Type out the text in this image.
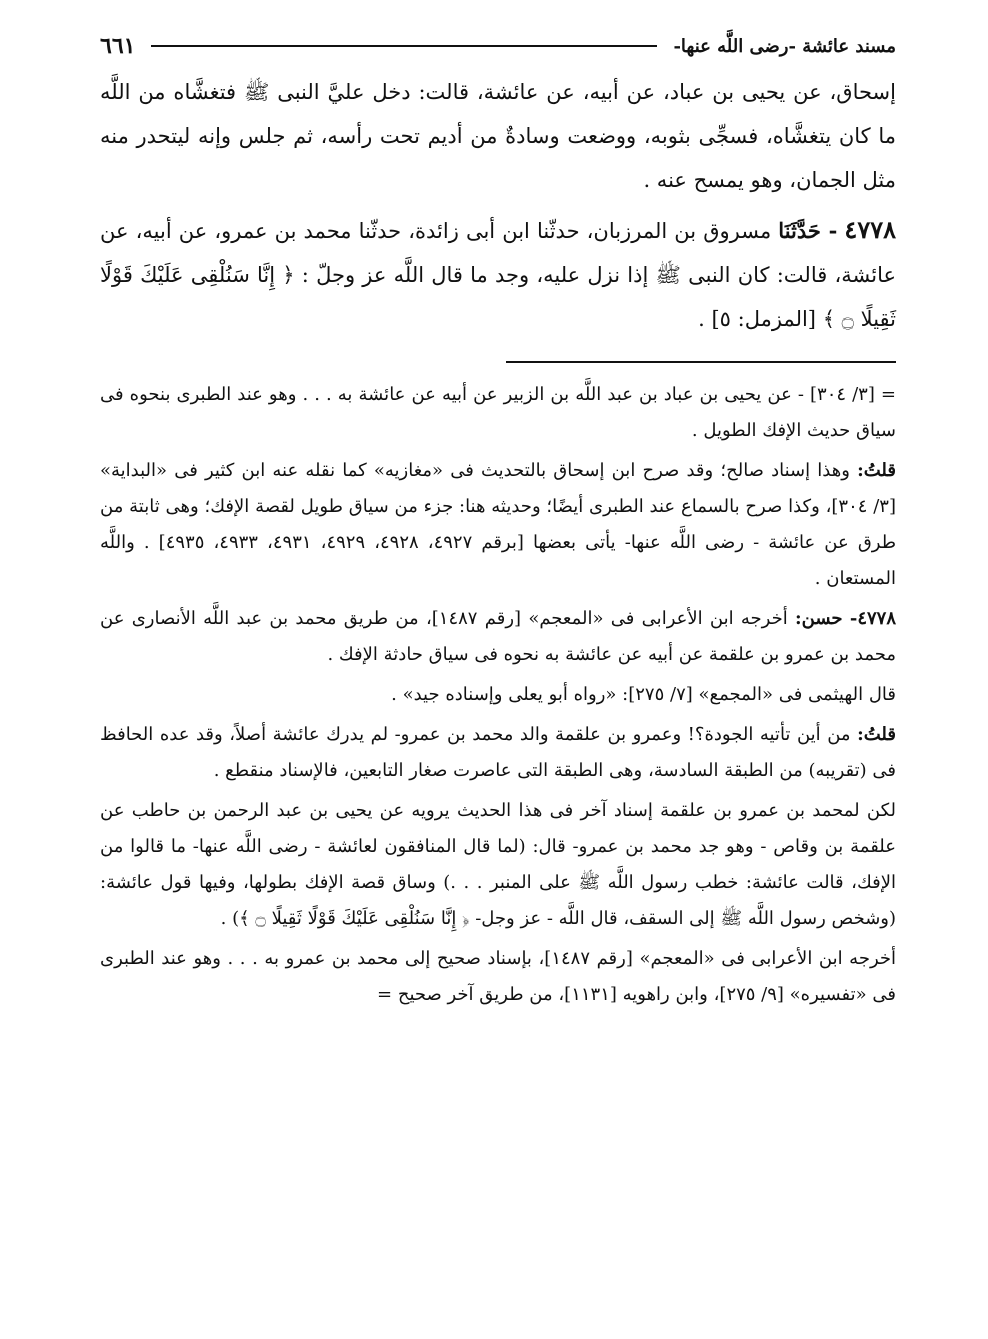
مسند عائشة -رضى اللَّه عنها-
٦٦١

إسحاق، عن يحيى بن عباد، عن أبيه، عن عائشة، قالت: دخل عليَّ النبى ﷺ فتغشَّاه من اللَّه ما كان يتغشَّاه، فسجِّى بثوبه، ووضعت وسادةٌ من أديم تحت رأسه، ثم جلس وإنه ليتحدر منه مثل الجمان، وهو يمسح عنه .

٤٧٧٨ - حَدَّثَنَا مسروق بن المرزبان، حدثّنا ابن أبى زائدة، حدثّنا محمد بن عمرو، عن أبيه، عن عائشة، قالت: كان النبى ﷺ إذا نزل عليه، وجد ما قال اللَّه عز وجلّ : ﴿ إِنَّا سَنُلْقِى عَلَيْكَ قَوْلًا ثَقِيلًا ۝ ﴾ [المزمل: ٥] .

= [٣/ ٣٠٤] - عن يحيى بن عباد بن عبد اللَّه بن الزبير عن أبيه عن عائشة به . . . وهو عند الطبرى بنحوه فى سياق حديث الإفك الطويل .

قلتُ: وهذا إسناد صالح؛ وقد صرح ابن إسحاق بالتحديث فى «مغازيه» كما نقله عنه ابن كثير فى «البداية» [٣/ ٣٠٤]، وكذا صرح بالسماع عند الطبرى أيضًا؛ وحديثه هنا: جزء من سياق طويل لقصة الإفك؛ وهى ثابتة من طرق عن عائشة - رضى اللَّه عنها- يأتى بعضها [برقم ٤٩٢٧، ٤٩٢٨، ٤٩٢٩، ٤٩٣١، ٤٩٣٣، ٤٩٣٥] . واللَّه المستعان .

٤٧٧٨- حسن: أخرجه ابن الأعرابى فى «المعجم» [رقم ١٤٨٧]، من طريق محمد بن عبد اللَّه الأنصارى عن محمد بن عمرو بن علقمة عن أبيه عن عائشة به نحوه فى سياق حادثة الإفك .

قال الهيثمى فى «المجمع» [٧/ ٢٧٥]: «رواه أبو يعلى وإسناده جيد» .

قلتُ: من أين تأتيه الجودة؟! وعمرو بن علقمة والد محمد بن عمرو- لم يدرك عائشة أصلاً، وقد عده الحافظ فى (تقريبه) من الطبقة السادسة، وهى الطبقة التى عاصرت صغار التابعين، فالإسناد منقطع .

لكن لمحمد بن عمرو بن علقمة إسناد آخر فى هذا الحديث يرويه عن يحيى بن عبد الرحمن بن حاطب عن علقمة بن وقاص - وهو جد محمد بن عمرو- قال: (لما قال المنافقون لعائشة - رضى اللَّه عنها- ما قالوا من الإفك، قالت عائشة: خطب رسول اللَّه ﷺ على المنبر . . .) وساق قصة الإفك بطولها، وفيها قول عائشة: (وشخص رسول اللَّه ﷺ إلى السقف، قال اللَّه - عز وجل- ﴿ إِنَّا سَنُلْقِى عَلَيْكَ قَوْلًا ثَقِيلًا ۝ ﴾) .

أخرجه ابن الأعرابى فى «المعجم» [رقم ١٤٨٧]، بإسناد صحيح إلى محمد بن عمرو به . . . وهو عند الطبرى فى «تفسيره» [٩/ ٢٧٥]، وابن راهويه [١١٣١]، من طريق آخر صحيح =
